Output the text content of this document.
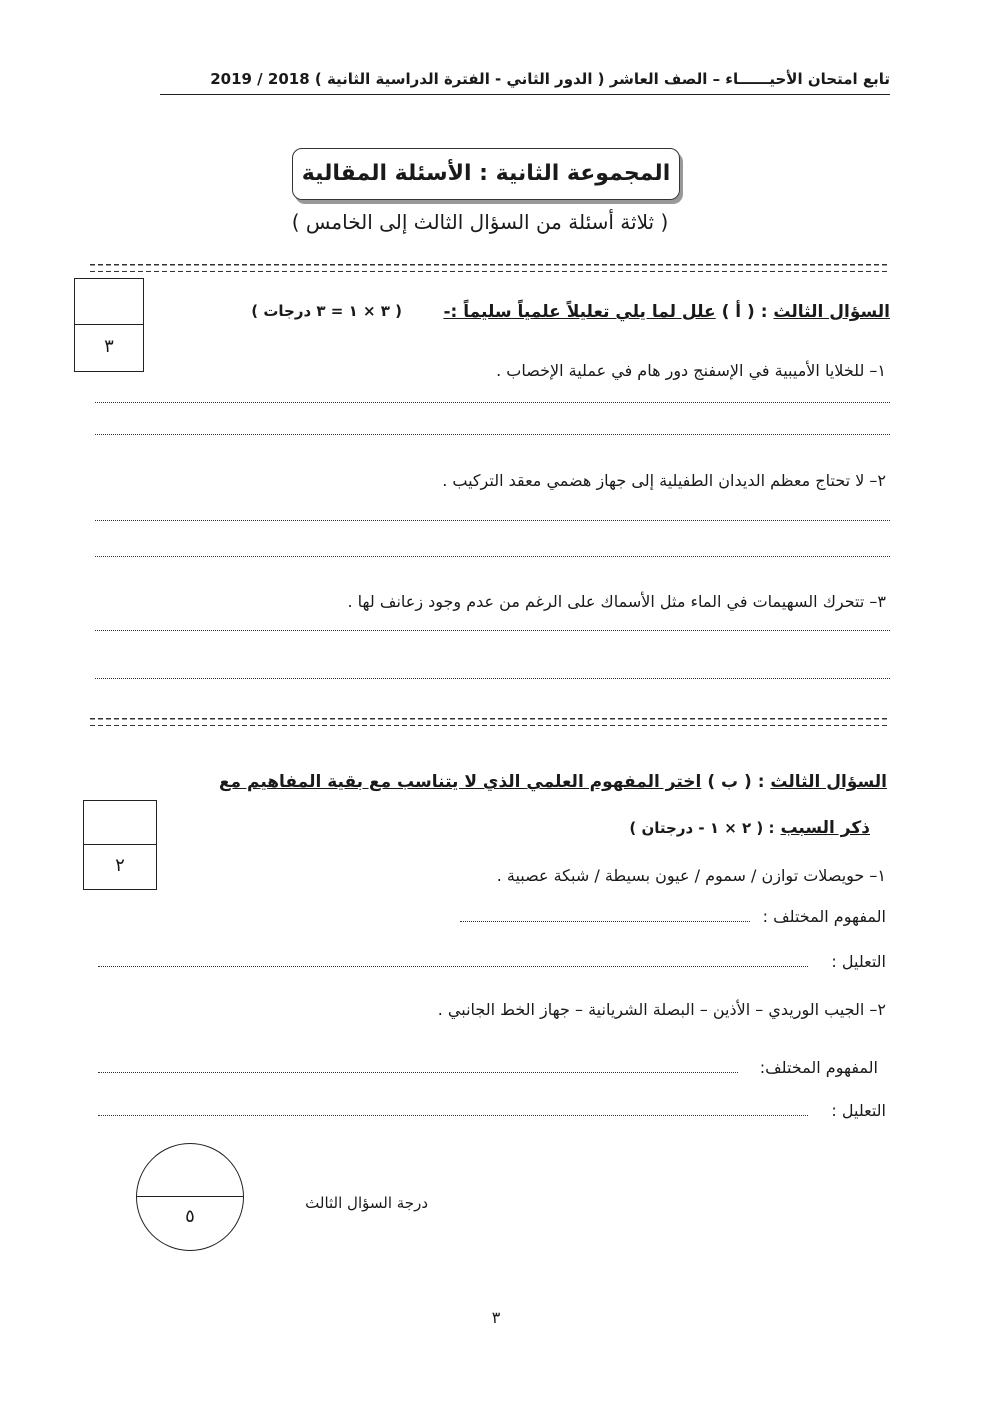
تابع امتحان الأحيــــــاء – الصف العاشر ( الدور الثاني - الفترة الدراسية الثانية ) 2018 / 2019
المجموعة الثانية : الأسئلة المقالية
( ثلاثة أسئلة من السؤال الثالث إلى الخامس )
٣
السؤال الثالث : ( أ ) علل لما يلي تعليلاً علمياً سليماً :-
( ٣ × ١ = ٣ درجات )
١– للخلايا الأميبية في الإسفنج دور هام في عملية الإخصاب .
٢– لا تحتاج معظم الديدان الطفيلية إلى جهاز هضمي معقد التركيب .
٣– تتحرك السهيمات في الماء مثل الأسماك على الرغم من عدم وجود زعانف لها .
السؤال الثالث : ( ب ) اختر المفهوم العلمي الذي لا يتناسب مع بقية المفاهيم مع
ذكر السبب : ( ٢ × ١ - درجتان )
٢	١– حويصلات توازن / سموم / عيون بسيطة / شبكة عصبية .
المفهوم المختلف :
التعليل :
٢– الجيب الوريدي – الأذين – البصلة الشريانية – جهاز الخط الجانبي .
المفهوم المختلف:
التعليل :
٥
درجة السؤال الثالث
٣
